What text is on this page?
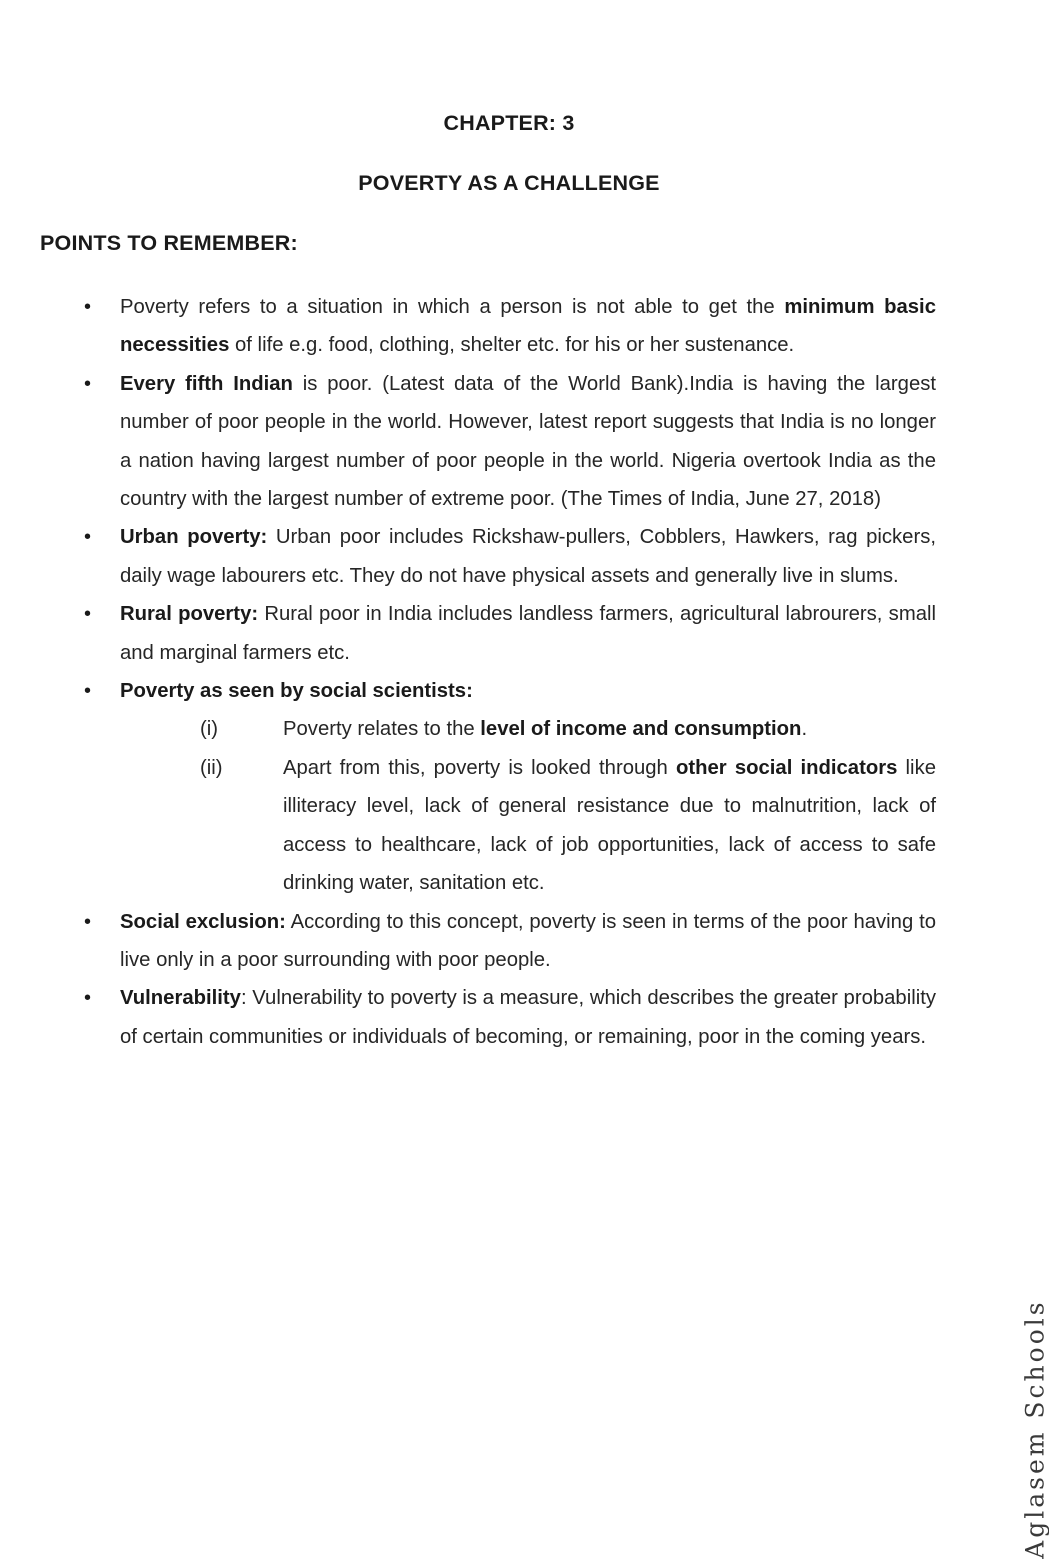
CHAPTER: 3
POVERTY AS A CHALLENGE
POINTS TO REMEMBER:
• Poverty refers to a situation in which a person is not able to get the minimum basic necessities of life e.g. food, clothing, shelter etc. for his or her sustenance.
• Every fifth Indian is poor. (Latest data of the World Bank).India is having the largest number of poor people in the world. However, latest report suggests that India is no longer a nation having largest number of poor people in the world. Nigeria overtook India as the country with the largest number of extreme poor. (The Times of India, June 27, 2018)
• Urban poverty: Urban poor includes Rickshaw-pullers, Cobblers, Hawkers, rag pickers, daily wage labourers etc. They do not have physical assets and generally live in slums.
• Rural poverty: Rural poor in India includes landless farmers, agricultural labrourers, small and marginal farmers etc.
• Poverty as seen by social scientists:
(i)	Poverty relates to the level of income and consumption.
(ii)	Apart from this, poverty is looked through other social indicators like illiteracy level, lack of general resistance due to malnutrition, lack of access to healthcare, lack of job opportunities, lack of access to safe drinking water, sanitation etc.
• Social exclusion: According to this concept, poverty is seen in terms of the poor having to live only in a poor surrounding with poor people.
• Vulnerability: Vulnerability to poverty is a measure, which describes the greater probability of certain communities or individuals of becoming, or remaining, poor in the coming years.
Aglasem Schools
